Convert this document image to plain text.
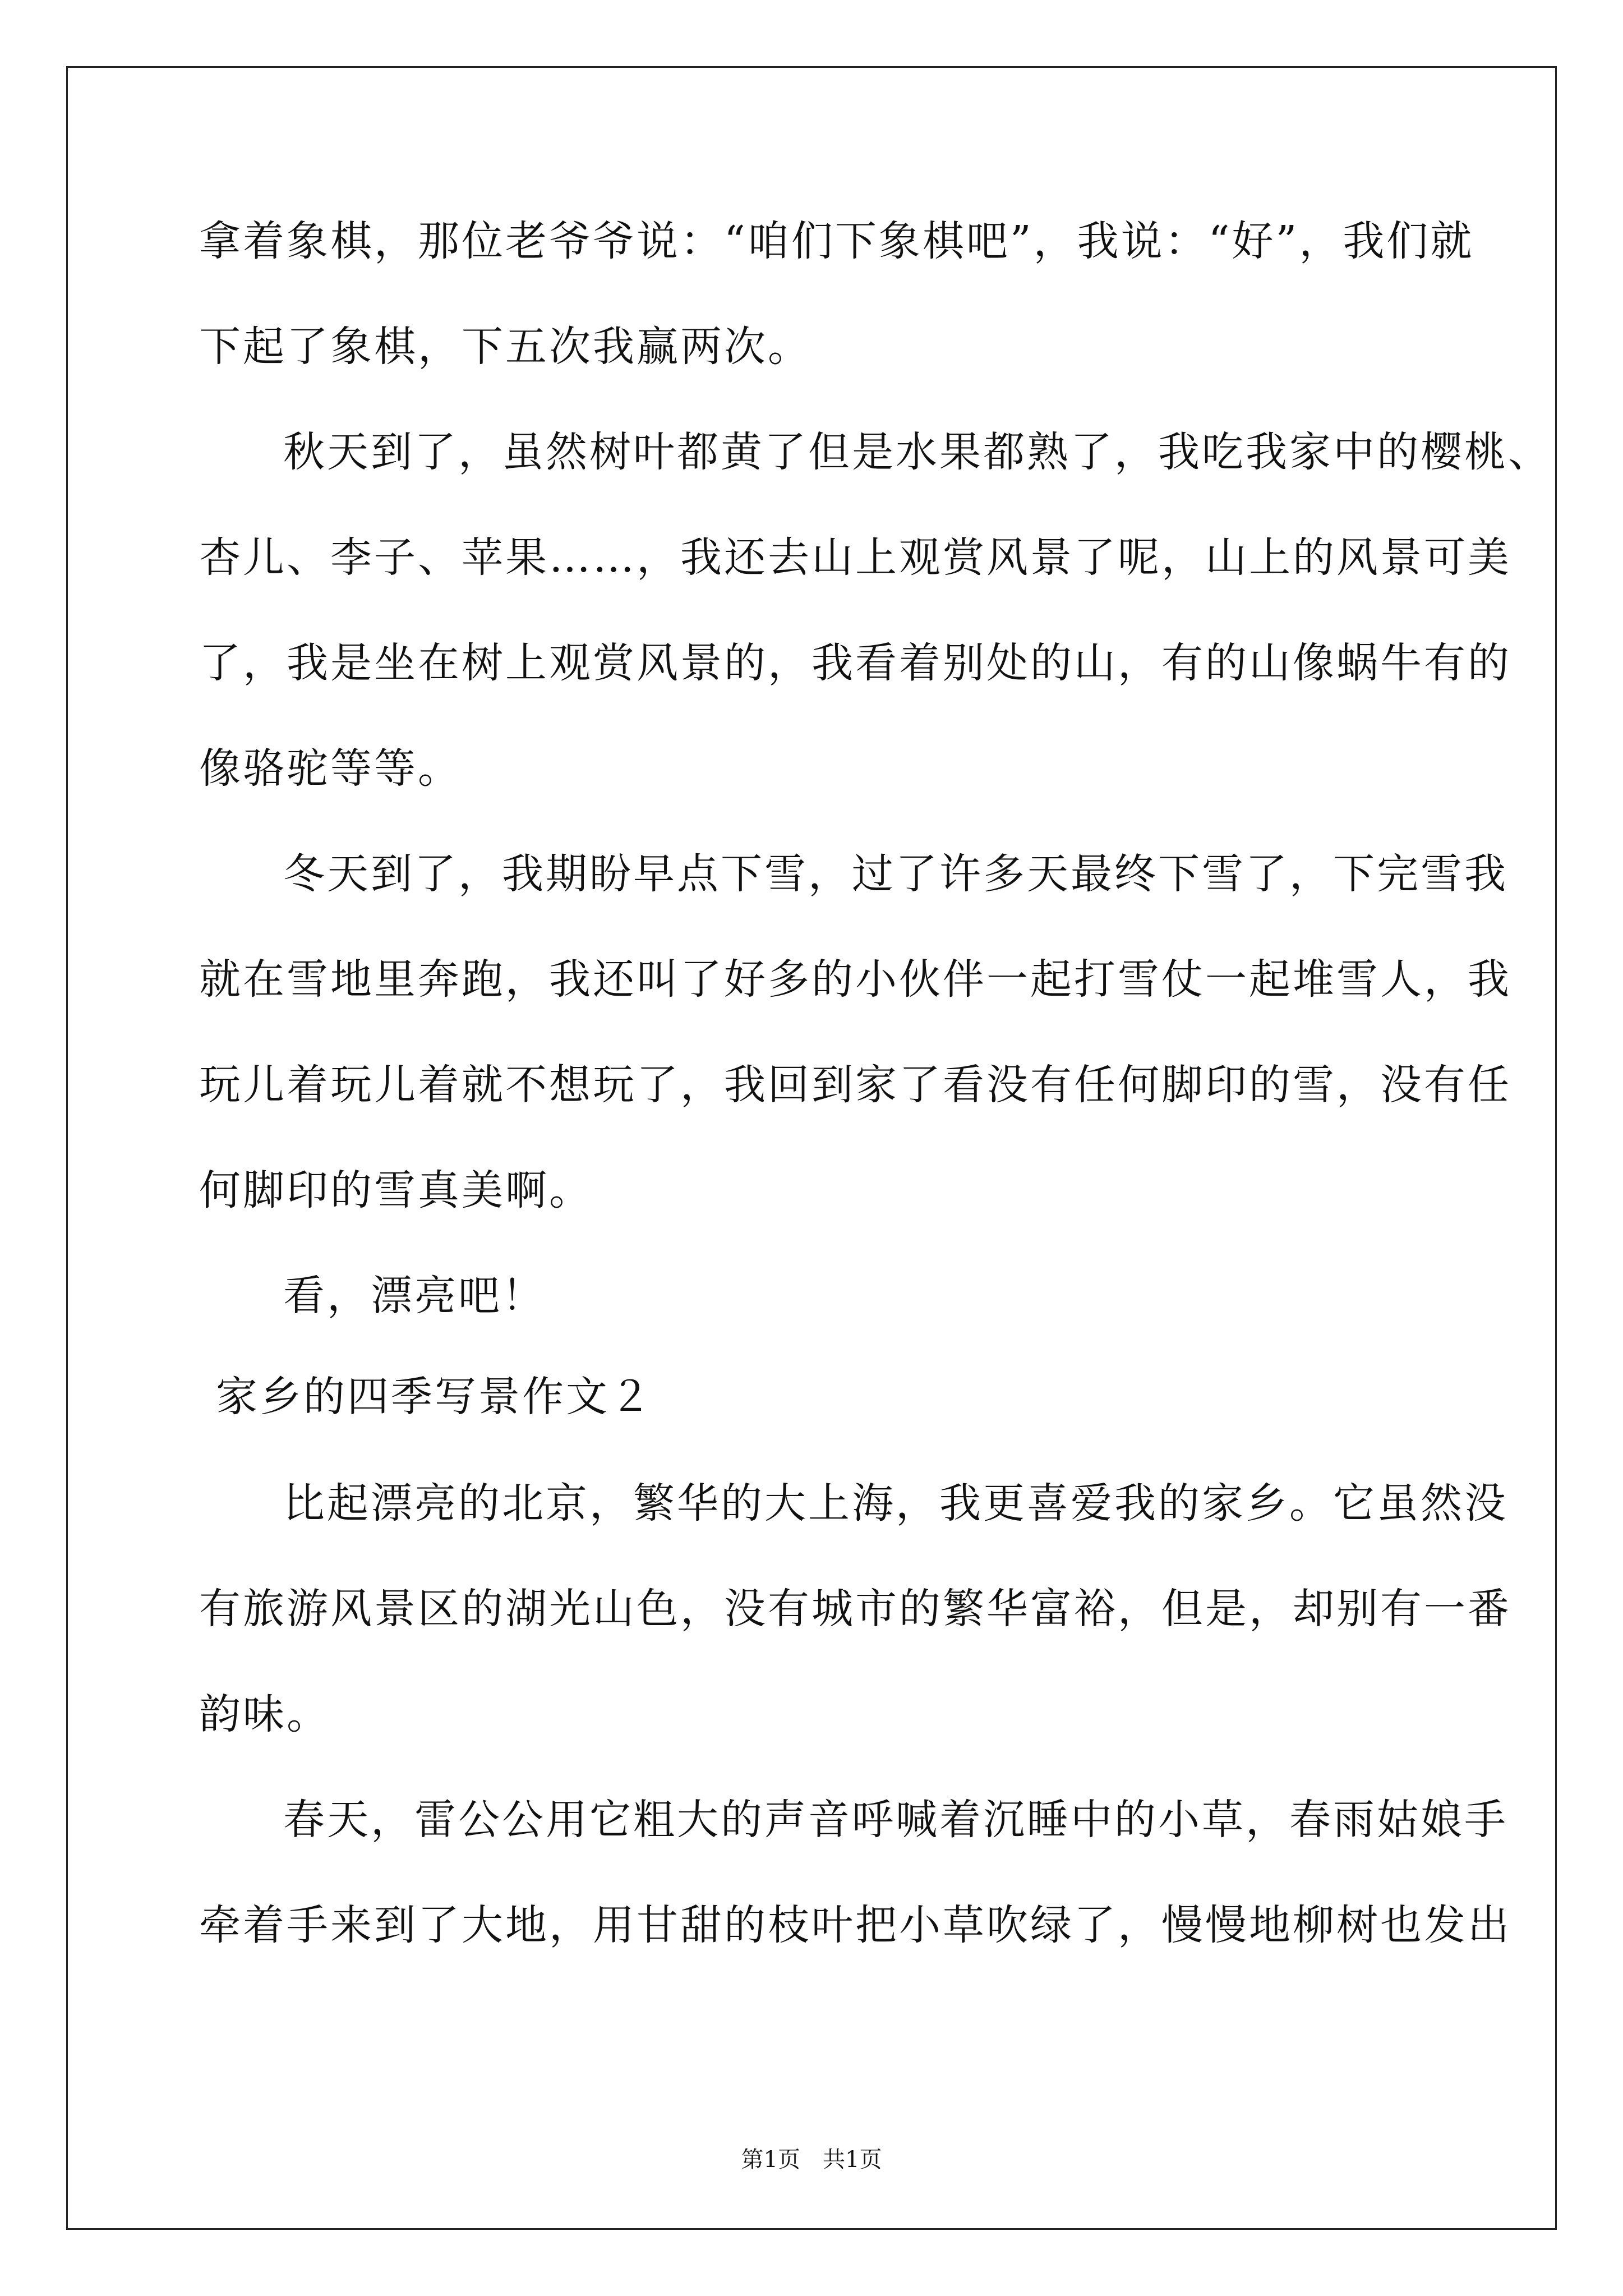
拿着象棋，那位老爷爷说：“咱们下象棋吧”，我说：“好”，我们就
下起了象棋，下五次我赢两次。
秋天到了，虽然树叶都黄了但是水果都熟了，我吃我家中的樱桃、
杏儿、李子、苹果……，我还去山上观赏风景了呢，山上的风景可美
了，我是坐在树上观赏风景的，我看着别处的山，有的山像蜗牛有的
像骆驼等等。
冬天到了，我期盼早点下雪，过了许多天最终下雪了，下完雪我
就在雪地里奔跑，我还叫了好多的小伙伴一起打雪仗一起堆雪人，我
玩儿着玩儿着就不想玩了，我回到家了看没有任何脚印的雪，没有任
何脚印的雪真美啊。
看，漂亮吧！
家乡的四季写景作文２
比起漂亮的北京，繁华的大上海，我更喜爱我的家乡。它虽然没
有旅游风景区的湖光山色，没有城市的繁华富裕，但是，却别有一番
韵味。
春天，雷公公用它粗大的声音呼喊着沉睡中的小草，春雨姑娘手
牵着手来到了大地，用甘甜的枝叶把小草吹绿了，慢慢地柳树也发出
第1页　共1页
